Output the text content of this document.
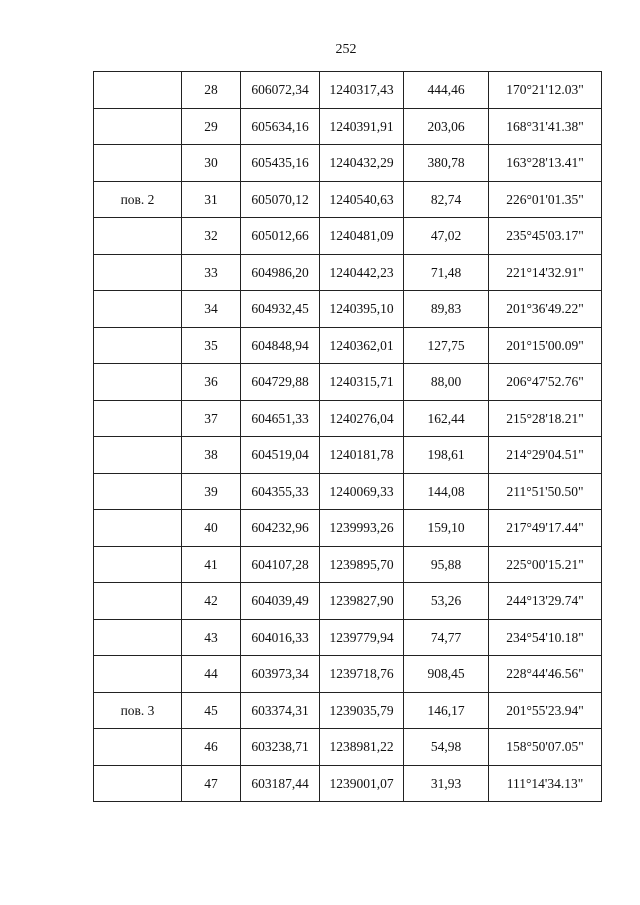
252
	28	606072,34	1240317,43	444,46	170°21'12.03"
	29	605634,16	1240391,91	203,06	168°31'41.38"
	30	605435,16	1240432,29	380,78	163°28'13.41"
пов. 2	31	605070,12	1240540,63	82,74	226°01'01.35"
	32	605012,66	1240481,09	47,02	235°45'03.17"
	33	604986,20	1240442,23	71,48	221°14'32.91"
	34	604932,45	1240395,10	89,83	201°36'49.22"
	35	604848,94	1240362,01	127,75	201°15'00.09"
	36	604729,88	1240315,71	88,00	206°47'52.76"
	37	604651,33	1240276,04	162,44	215°28'18.21"
	38	604519,04	1240181,78	198,61	214°29'04.51"
	39	604355,33	1240069,33	144,08	211°51'50.50"
	40	604232,96	1239993,26	159,10	217°49'17.44"
	41	604107,28	1239895,70	95,88	225°00'15.21"
	42	604039,49	1239827,90	53,26	244°13'29.74"
	43	604016,33	1239779,94	74,77	234°54'10.18"
	44	603973,34	1239718,76	908,45	228°44'46.56"
пов. 3	45	603374,31	1239035,79	146,17	201°55'23.94"
	46	603238,71	1238981,22	54,98	158°50'07.05"
	47	603187,44	1239001,07	31,93	111°14'34.13"
